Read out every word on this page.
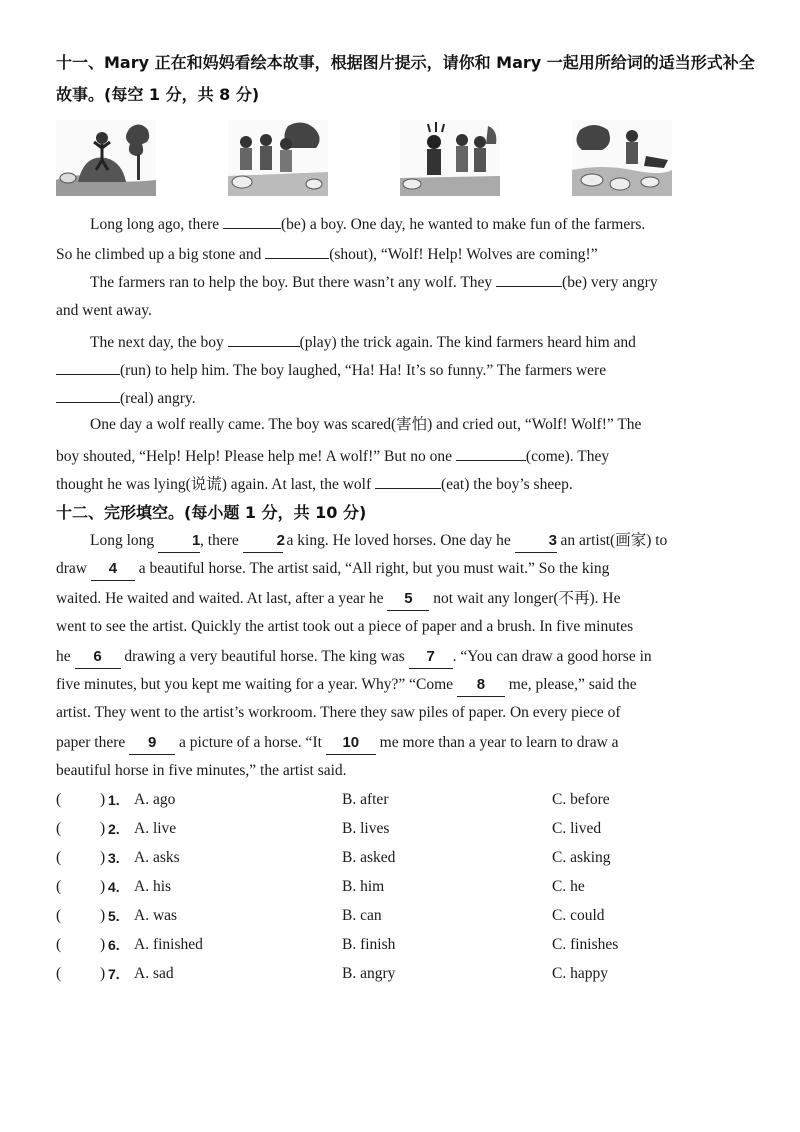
十一、Mary 正在和妈妈看绘本故事，根据图片提示，请你和 Mary 一起用所给词的适当形式补全
故事。(每空 1 分，共 8 分)
Long long ago, there	(be) a boy. One day, he wanted to make fun of the farmers.
So he climbed up a big stone and	(shout), “Wolf! Help! Wolves are coming!”
The farmers ran to help the boy. But there wasn’t any wolf. They	(be) very angry
and went away.
The next day, the boy	(play) the trick again. The kind farmers heard him and
(run) to help him. The boy laughed, “Ha! Ha! It’s so funny.” The farmers were
(real) angry.
One day a wolf really came. The boy was scared(害怕) and cried out, “Wolf! Wolf!” The
boy shouted, “Help! Help! Please help me! A wolf!” But no one	(come). They
thought he was lying(说谎) again. At last, the wolf	(eat) the boy’s sheep.
十二、完形填空。(每小题 1 分，共 10 分)
Long long 1, there 2 a king. He loved horses. One day he 3 an artist(画家) to
draw 4 a beautiful horse. The artist said, “All right, but you must wait.” So the king
waited. He waited and waited. At last, after a year he 5 not wait any longer(不再). He
went to see the artist. Quickly the artist took out a piece of paper and a brush. In five minutes
he 6 drawing a very beautiful horse. The king was 7 . “You can draw a good horse in
five minutes, but you kept me waiting for a year. Why?” “Come 8 me, please,” said the
artist. They went to the artist’s workroom. There they saw piles of paper. On every piece of
paper there 9 a picture of a horse. “It 10 me more than a year to learn to draw a
beautiful horse in five minutes,” the artist said.
(	) 1. A. ago	B. after	C. before
(	) 2. A. live	B. lives	C. lived
(	) 3. A. asks	B. asked	C. asking
(	) 4. A. his	B. him	C. he
(	) 5. A. was	B. can	C. could
(	) 6. A. finished	B. finish	C. finishes
(	) 7. A. sad	B. angry	C. happy
